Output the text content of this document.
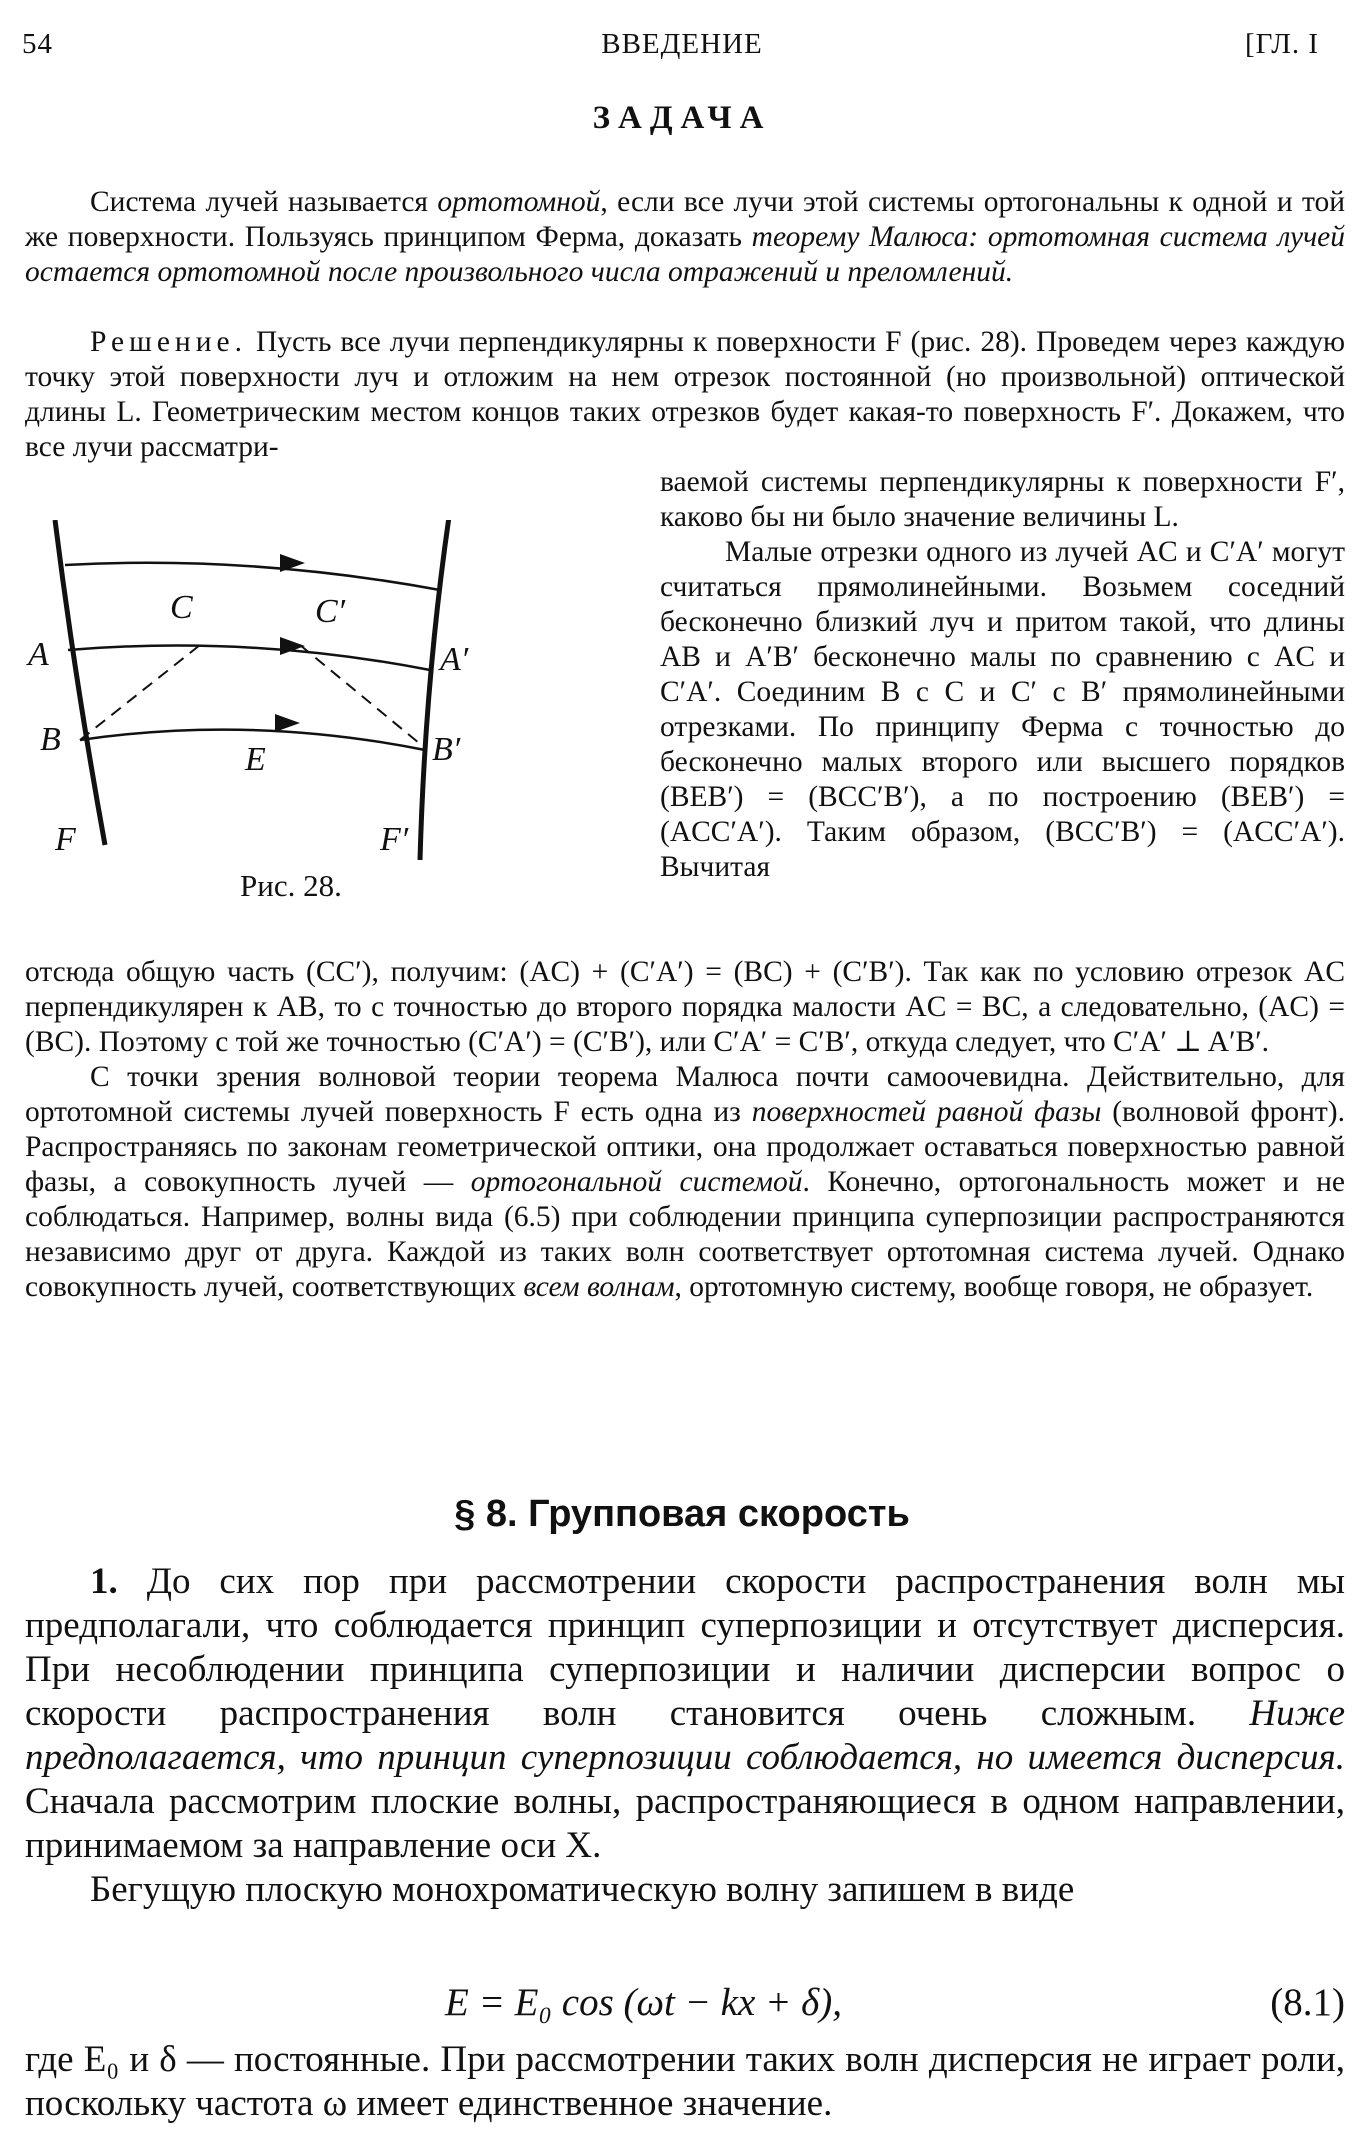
54	ВВЕДЕНИЕ	[ГЛ. I
ЗАДАЧА

Система лучей называется ортотомной, если все лучи этой системы ортогональны к одной и той же поверхности. Пользуясь принципом Ферма, доказать теорему Малюса: ортотомная система лучей остается ортотомной после произвольного числа отражений и преломлений.

Решение. Пусть все лучи перпендикулярны к поверхности F (рис. 28). Проведем через каждую точку этой поверхности луч и отложим на нем отрезок постоянной (но произвольной) оптической длины L. Геометрическим местом концов таких отрезков будет какая-то поверхность F′. Докажем, что все лучи рассматри-

ваемой системы перпендикулярны к поверхности F′, каково бы ни было значение величины L.

Малые отрезки одного из лучей AC и C′A′ могут считаться прямолинейными. Возьмем соседний бесконечно близкий луч и притом такой, что длины AB и A′B′ бесконечно малы по сравнению с AC и C′A′. Соединим B с C и C′ с B′ прямолинейными отрезками. По принципу Ферма с точностью до бесконечно малых второго или высшего порядков (BEB′) = (BCC′B′), а по построению (BEB′) = (ACC′A′). Таким образом, (BCC′B′) = (ACC′A′). Вычитая

A
B
C	C′
A′
B′
E
F	F′
Рис. 28.

отсюда общую часть (CC′), получим: (AC) + (C′A′) = (BC) + (C′B′). Так как по условию отрезок AC перпендикулярен к AB, то с точностью до второго порядка малости AC = BC, а следовательно, (AC) = (BC). Поэтому с той же точностью (C′A′) = (C′B′), или C′A′ = C′B′, откуда следует, что C′A′ ⊥ A′B′.

С точки зрения волновой теории теорема Малюса почти самоочевидна. Действительно, для ортотомной системы лучей поверхность F есть одна из поверхностей равной фазы (волновой фронт). Распространяясь по законам геометрической оптики, она продолжает оставаться поверхностью равной фазы, а совокупность лучей — ортогональной системой. Конечно, ортогональность может и не соблюдаться. Например, волны вида (6.5) при соблюдении принципа суперпозиции распространяются независимо друг от друга. Каждой из таких волн соответствует ортотомная система лучей. Однако совокупность лучей, соответствующих всем волнам, ортотомную систему, вообще говоря, не образует.

§ 8. Групповая скорость

1. До сих пор при рассмотрении скорости распространения волн мы предполагали, что соблюдается принцип суперпозиции и отсутствует дисперсия. При несоблюдении принципа суперпозиции и наличии дисперсии вопрос о скорости распространения волн становится очень сложным. Ниже предполагается, что принцип суперпозиции соблюдается, но имеется дисперсия. Сначала рассмотрим плоские волны, распространяющиеся в одном направлении, принимаемом за направление оси X.

Бегущую плоскую монохроматическую волну запишем в виде

E = E₀ cos (ωt − kx + δ),	(8.1)

где E₀ и δ — постоянные. При рассмотрении таких волн дисперсия не играет роли, поскольку частота ω имеет единственное значение.
